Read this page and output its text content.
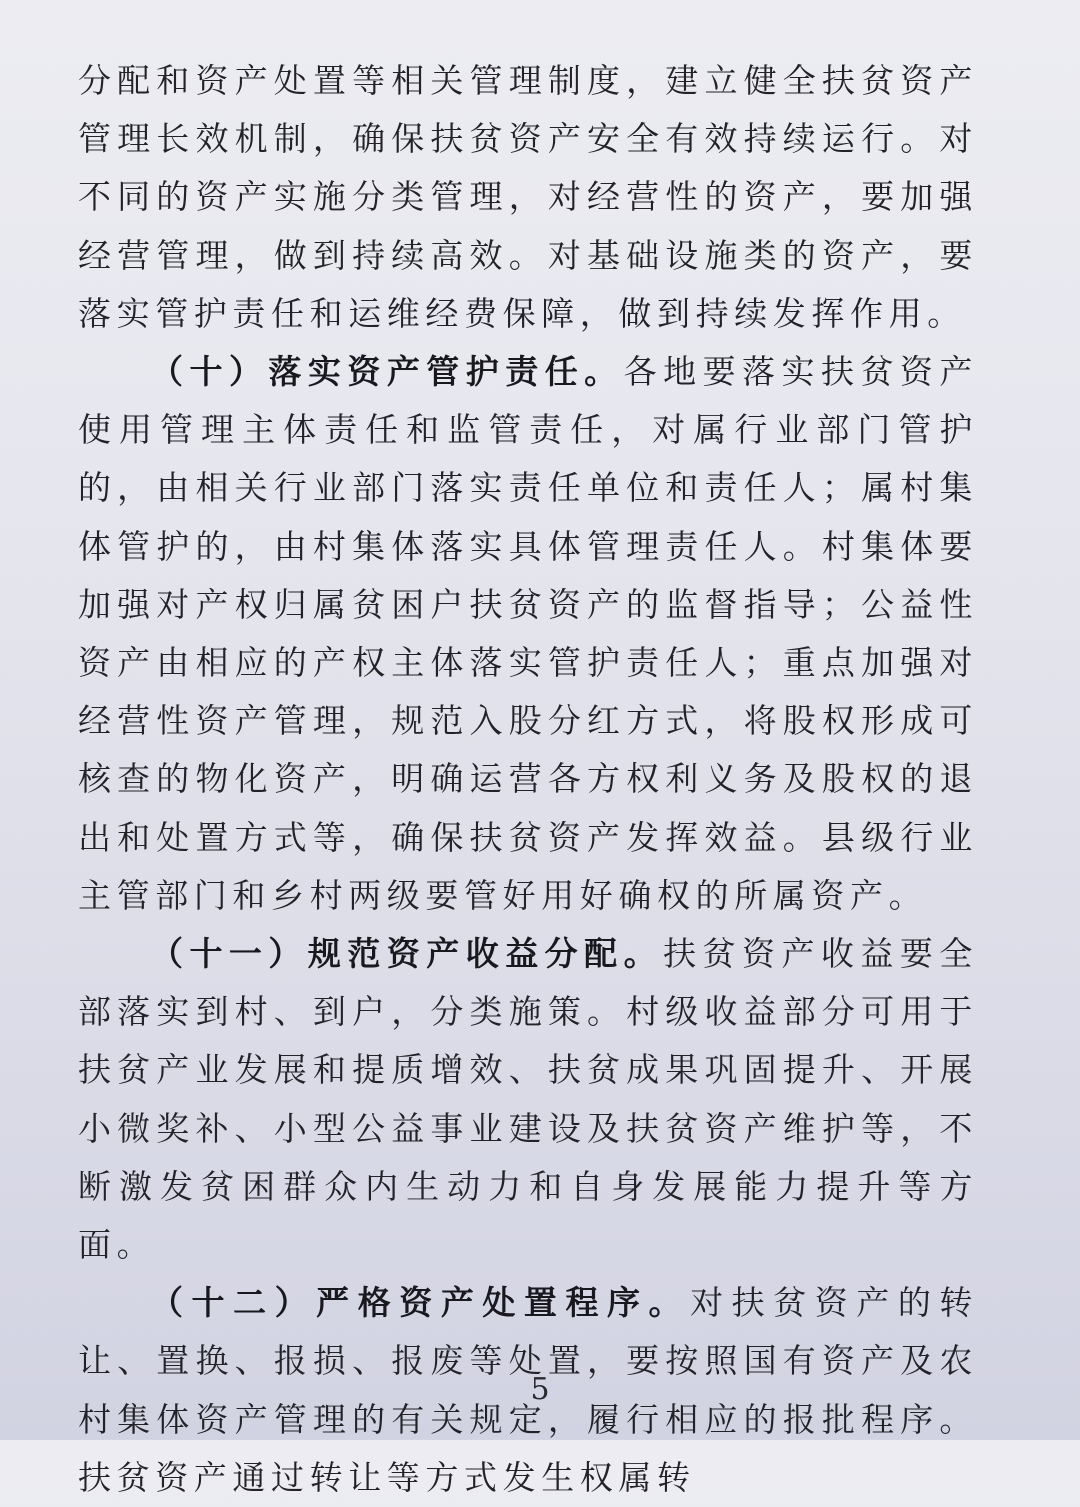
分配和资产处置等相关管理制度，建立健全扶贫资产管理长效机制，确保扶贫资产安全有效持续运行。对不同的资产实施分类管理，对经营性的资产，要加强经营管理，做到持续高效。对基础设施类的资产，要落实管护责任和运维经费保障，做到持续发挥作用。

（十）落实资产管护责任。各地要落实扶贫资产使用管理主体责任和监管责任，对属行业部门管护的，由相关行业部门落实责任单位和责任人；属村集体管护的，由村集体落实具体管理责任人。村集体要加强对产权归属贫困户扶贫资产的监督指导；公益性资产由相应的产权主体落实管护责任人；重点加强对经营性资产管理，规范入股分红方式，将股权形成可核查的物化资产，明确运营各方权利义务及股权的退出和处置方式等，确保扶贫资产发挥效益。县级行业主管部门和乡村两级要管好用好确权的所属资产。

（十一）规范资产收益分配。扶贫资产收益要全部落实到村、到户，分类施策。村级收益部分可用于扶贫产业发展和提质增效、扶贫成果巩固提升、开展小微奖补、小型公益事业建设及扶贫资产维护等，不断激发贫困群众内生动力和自身发展能力提升等方面。

（十二）严格资产处置程序。对扶贫资产的转让、置换、报损、报废等处置，要按照国有资产及农村集体资产管理的有关规定，履行相应的报批程序。扶贫资产通过转让等方式发生权属转

5
